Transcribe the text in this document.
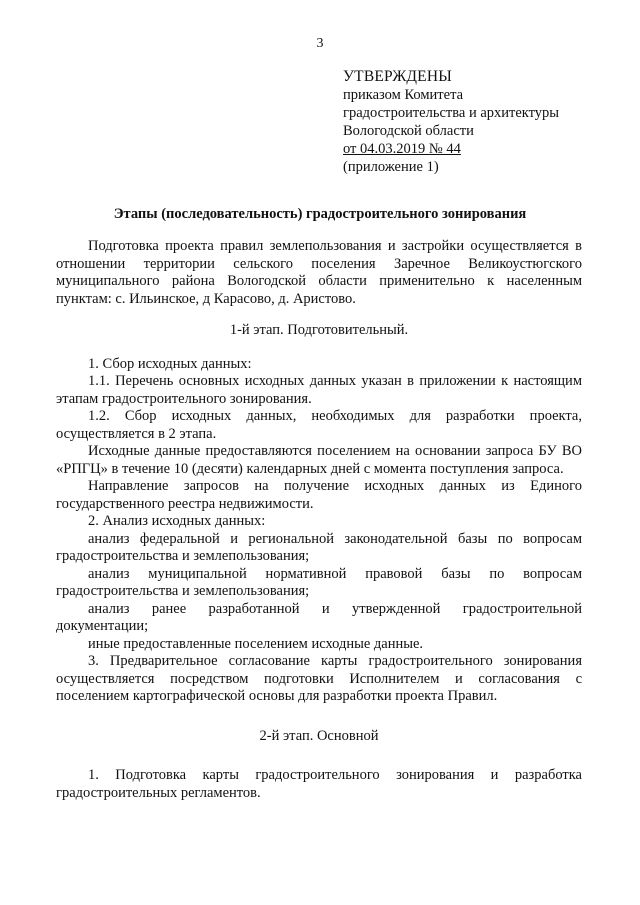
3
УТВЕРЖДЕНЫ
приказом Комитета
градостроительства и архитектуры
Вологодской области
от 04.03.2019 № 44
(приложение 1)
Этапы (последовательность) градостроительного зонирования

Подготовка проекта правил землепользования и застройки осуществляется в отношении территории сельского поселения Заречное Великоустюгского муниципального района Вологодской области применительно к населенным пунктам: с. Ильинское, д Карасово, д. Аристово.

1-й этап. Подготовительный.

1. Сбор исходных данных:

1.1. Перечень основных исходных данных указан в приложении к настоящим этапам градостроительного зонирования.

1.2. Сбор исходных данных, необходимых для разработки проекта, осуществляется в 2 этапа.

Исходные данные предоставляются поселением на основании запроса БУ ВО «РПГЦ» в течение 10 (десяти) календарных дней с момента поступления запроса.

Направление запросов на получение исходных данных из Единого государственного реестра недвижимости.

2. Анализ исходных данных:

анализ федеральной и региональной законодательной базы по вопросам градостроительства и землепользования;

анализ муниципальной нормативной правовой базы по вопросам градостроительства и землепользования;

анализ ранее разработанной и утвержденной градостроительной документации;

иные предоставленные поселением исходные данные.

3. Предварительное согласование карты градостроительного зонирования осуществляется посредством подготовки Исполнителем и согласования с поселением картографической основы для разработки проекта Правил.

2-й этап. Основной

1. Подготовка карты градостроительного зонирования и разработка градостроительных регламентов.
